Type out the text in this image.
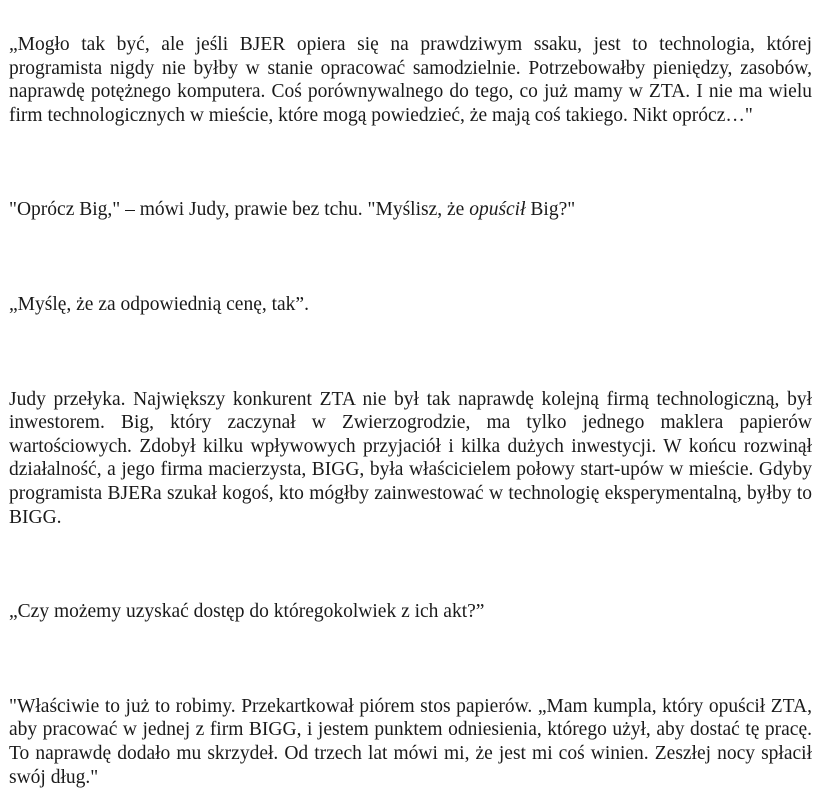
„Mogło tak być, ale jeśli BJER opiera się na prawdziwym ssaku, jest to technologia, której programista nigdy nie byłby w stanie opracować samodzielnie. Potrzebowałby pieniędzy, zasobów, naprawdę potężnego komputera. Coś porównywalnego do tego, co już mamy w ZTA. I nie ma wielu firm technologicznych w mieście, które mogą powiedzieć, że mają coś takiego. Nikt oprócz…"

"Oprócz Big," – mówi Judy, prawie bez tchu. "Myślisz, że opuścił Big?"

„Myślę, że za odpowiednią cenę, tak”.

Judy przełyka. Największy konkurent ZTA nie był tak naprawdę kolejną firmą technologiczną, był inwestorem. Big, który zaczynał w Zwierzogrodzie, ma tylko jednego maklera papierów wartościowych. Zdobył kilku wpływowych przyjaciół i kilka dużych inwestycji. W końcu rozwinął działalność, a jego firma macierzysta, BIGG, była właścicielem połowy start-upów w mieście. Gdyby programista BJERa szukał kogoś, kto mógłby zainwestować w technologię eksperymentalną, byłby to BIGG.

„Czy możemy uzyskać dostęp do któregokolwiek z ich akt?”

"Właściwie to już to robimy. Przekartkował piórem stos papierów. „Mam kumpla, który opuścił ZTA, aby pracować w jednej z firm BIGG, i jestem punktem odniesienia, którego użył, aby dostać tę pracę. To naprawdę dodało mu skrzydeł. Od trzech lat mówi mi, że jest mi coś winien. Zeszłej nocy spłacił swój dług."
